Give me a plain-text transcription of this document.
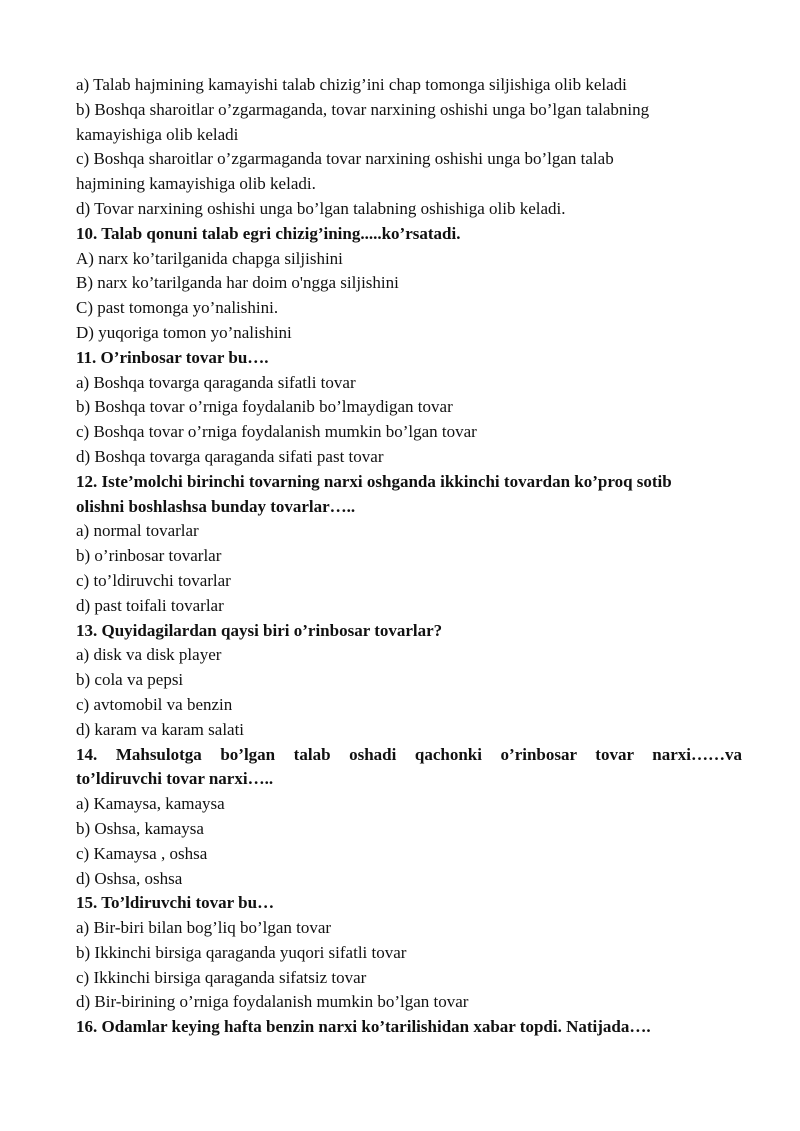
a) Talab hajmining kamayishi talab chizig’ini chap tomonga siljishiga olib keladi
b) Boshqa sharoitlar o’zgarmaganda, tovar narxining oshishi unga bo’lgan talabning
kamayishiga olib keladi
c) Boshqa sharoitlar o’zgarmaganda tovar narxining oshishi unga bo’lgan talab
hajmining kamayishiga olib keladi.
d) Tovar narxining oshishi unga bo’lgan talabning oshishiga olib keladi.
10. Talab qonuni talab egri chizig’ining.....ko’rsatadi.
A) narx ko’tarilganida chapga siljishini
B) narx ko’tarilganda har doim o'ngga siljishini
C) past tomonga yo’nalishini.
D) yuqoriga tomon yo’nalishini
11. O’rinbosar tovar bu….
a) Boshqa tovarga qaraganda sifatli tovar
b) Boshqa tovar o’rniga foydalanib bo’lmaydigan tovar
c) Boshqa tovar o’rniga foydalanish mumkin bo’lgan tovar
d) Boshqa tovarga qaraganda sifati past tovar
12. Iste’molchi birinchi tovarning narxi oshganda ikkinchi tovardan ko’proq sotib
olishni boshlashsa bunday tovarlar…..
a) normal tovarlar
b) o’rinbosar tovarlar
c) to’ldiruvchi tovarlar
d) past toifali tovarlar
13. Quyidagilardan qaysi biri o’rinbosar tovarlar?
a) disk va disk player
b) cola va pepsi
c) avtomobil va benzin
d) karam va karam salati
14. Mahsulotga bo’lgan talab oshadi qachonki o’rinbosar tovar narxi……va
to’ldiruvchi tovar narxi…..
a) Kamaysa, kamaysa
b) Oshsa, kamaysa
c) Kamaysa , oshsa
d) Oshsa, oshsa
15. To’ldiruvchi tovar bu…
a) Bir-biri bilan bog’liq bo’lgan tovar
b) Ikkinchi birsiga qaraganda yuqori sifatli tovar
c) Ikkinchi birsiga qaraganda sifatsiz tovar
d) Bir-birining o’rniga foydalanish mumkin bo’lgan tovar
16. Odamlar keying hafta benzin narxi ko’tarilishidan xabar topdi. Natijada….
